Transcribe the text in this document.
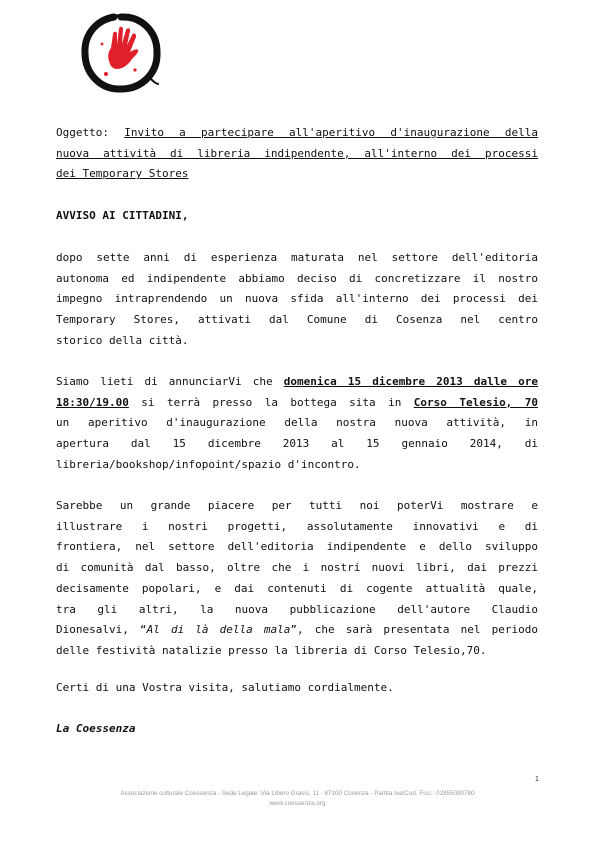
Oggetto: Invito a partecipare all'aperitivo d'inaugurazione della
nuova attività di libreria indipendente, all'interno dei processi
dei Temporary Stores
AVVISO AI CITTADINI,
dopo sette anni di esperienza maturata nel settore dell'editoria
autonoma ed indipendente abbiamo deciso di concretizzare il nostro
impegno intraprendendo un nuova sfida all'interno dei processi dei
Temporary Stores, attivati dal Comune di Cosenza nel centro
storico della città.
Siamo lieti di annunciarVi che domenica 15 dicembre 2013 dalle ore
18:30/19.00 si terrà presso la bottega sita in Corso Telesio, 70
un aperitivo d'inaugurazione della nostra nuova attività, in
apertura dal 15 dicembre 2013 al 15 gennaio 2014, di
libreria/bookshop/infopoint/spazio d'incontro.
Sarebbe un grande piacere per tutti noi poterVi mostrare e
illustrare i nostri progetti, assolutamente innovativi e di
frontiera, nel settore dell'editoria indipendente e dello sviluppo
di comunità dal basso, oltre che i nostri nuovi libri, dai prezzi
decisamente popolari, e dai contenuti di cogente attualità quale,
tra gli altri, la nuova pubblicazione dell'autore Claudio
Dionesalvi, “Al di là della mala”, che sarà presentata nel periodo
delle festività natalizie presso la libreria di Corso Telesio,70.
Certi di una Vostra visita, salutiamo cordialmente.
La Coessenza
1
Associazione culturale Coessenza - Sede Legale: Via Libero Grassi, 11 - 87100 Cosenza - Partita Iva/Cod. Fisc.: 02855080780
www.coessenza.org
